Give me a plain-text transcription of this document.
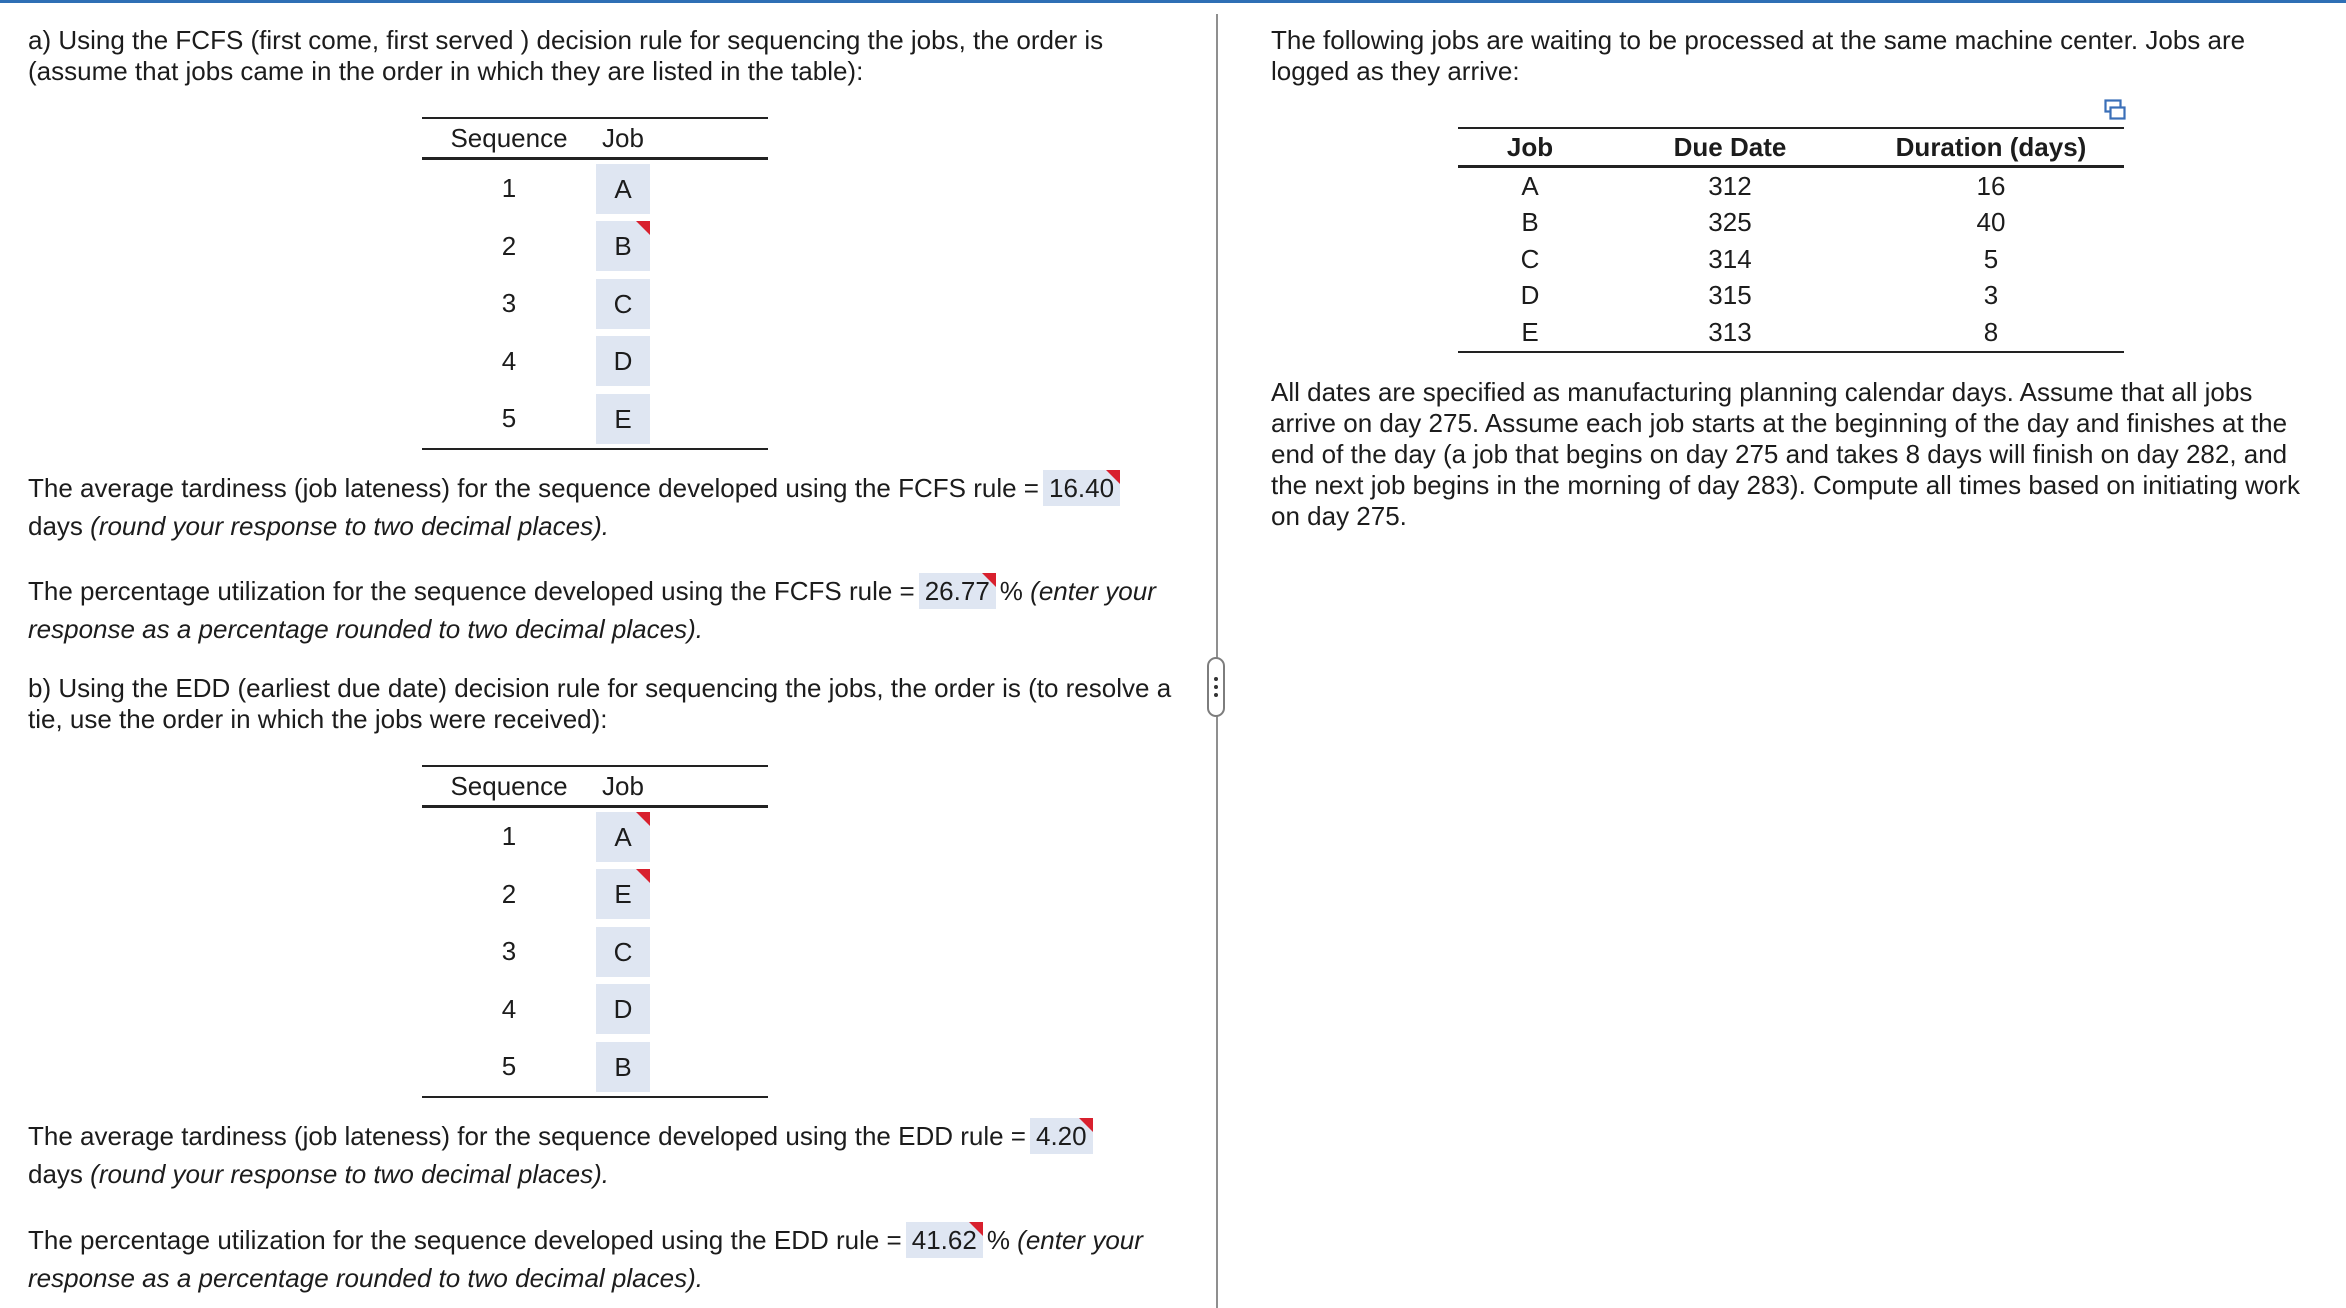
a) Using the FCFS (first come, first served ) decision rule for sequencing the jobs, the order is (assume that jobs came in the order in which they are listed in the table):

Sequence	Job
1	A
2	B

3	C
4	D
5	E

The average tardiness (job lateness) for the sequence developed using the FCFS rule = 16.40

days (round your response to two decimal places).

The percentage utilization for the sequence developed using the FCFS rule = 26.77 % (enter your response as a percentage rounded to two decimal places).

b) Using the EDD (earliest due date) decision rule for sequencing the jobs, the order is (to resolve a tie, use the order in which the jobs were received):

Sequence	Job
1	A

2	E

3	C
4	D
5	B

The average tardiness (job lateness) for the sequence developed using the EDD rule = 4.20

days (round your response to two decimal places).

The percentage utilization for the sequence developed using the EDD rule = 41.62 % (enter your response as a percentage rounded to two decimal places).

The following jobs are waiting to be processed at the same machine center. Jobs are logged as they arrive:

Job	Due Date	Duration (days)
A	312	16
B	325	40
C	314	5
D	315	3
E	313	8

All dates are specified as manufacturing planning calendar days. Assume that all jobs arrive on day 275. Assume each job starts at the beginning of the day and finishes at the end of the day (a job that begins on day 275 and takes 8 days will finish on day 282, and the next job begins in the morning of day 283). Compute all times based on initiating work on day 275.
